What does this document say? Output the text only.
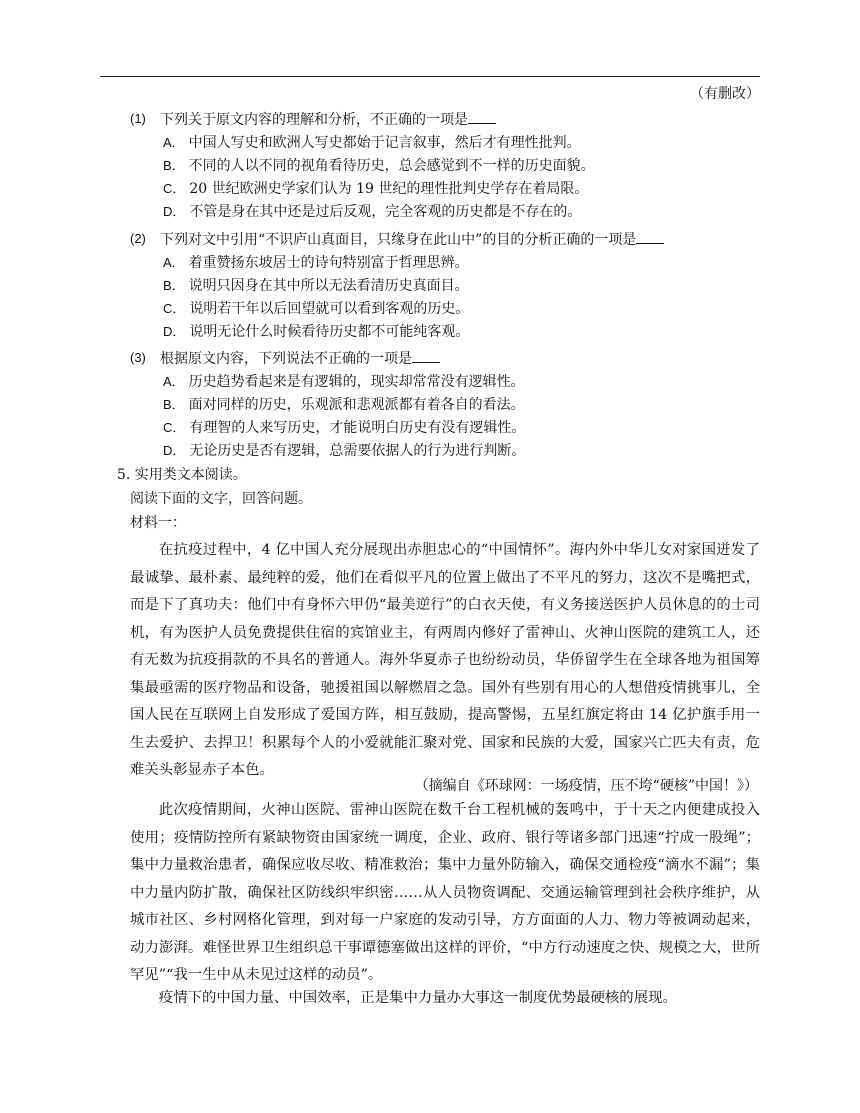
（有删改）
(1) 下列关于原文内容的理解和分析，不正确的一项是
A． 中国人写史和欧洲人写史都始于记言叙事，然后才有理性批判。
B． 不同的人以不同的视角看待历史，总会感觉到不一样的历史面貌。
C． 20 世纪欧洲史学家们认为 19 世纪的理性批判史学存在着局限。
D． 不管是身在其中还是过后反观，完全客观的历史都是不存在的。
(2) 下列对文中引用“不识庐山真面目，只缘身在此山中”的目的分析正确的一项是
A． 着重赞扬东坡居士的诗句特别富于哲理思辨。
B． 说明只因身在其中所以无法看清历史真面目。
C． 说明若干年以后回望就可以看到客观的历史。
D． 说明无论什么时候看待历史都不可能纯客观。
(3) 根据原文内容，下列说法不正确的一项是
A． 历史趋势看起来是有逻辑的，现实却常常没有逻辑性。
B． 面对同样的历史，乐观派和悲观派都有着各自的看法。
C． 有理智的人来写历史，才能说明白历史有没有逻辑性。
D． 无论历史是否有逻辑，总需要依据人的行为进行判断。
5. 实用类文本阅读。
阅读下面的文字，回答问题。
材料一：

在抗疫过程中，4 亿中国人充分展现出赤胆忠心的“中国情怀”。海内外中华儿女对家国迸发了最诚挚、最朴素、最纯粹的爱，他们在看似平凡的位置上做出了不平凡的努力，这次不是嘴把式，而是下了真功夫：他们中有身怀六甲仍“最美逆行”的白衣天使，有义务接送医护人员休息的的士司机，有为医护人员免费提供住宿的宾馆业主，有两周内修好了雷神山、火神山医院的建筑工人，还有无数为抗疫捐款的不具名的普通人。海外华夏赤子也纷纷动员，华侨留学生在全球各地为祖国筹集最亟需的医疗物品和设备，驰援祖国以解燃眉之急。国外有些别有用心的人想借疫情挑事儿，全国人民在互联网上自发形成了爱国方阵，相互鼓励，提高警惕，五星红旗定将由 14 亿护旗手用一生去爱护、去捍卫！积累每个人的小爱就能汇聚对党、国家和民族的大爱，国家兴亡匹夫有责，危难关头彰显赤子本色。

（摘编自《环球网：一场疫情，压不垮“硬核”中国！》）

此次疫情期间，火神山医院、雷神山医院在数千台工程机械的轰鸣中，于十天之内便建成投入使用；疫情防控所有紧缺物资由国家统一调度，企业、政府、银行等诸多部门迅速“拧成一股绳”；集中力量救治患者，确保应收尽收、精准救治；集中力量外防输入，确保交通检疫“滴水不漏”；集中力量内防扩散，确保社区防线织牢织密……从人员物资调配、交通运输管理到社会秩序维护，从城市社区、乡村网格化管理，到对每一户家庭的发动引导，方方面面的人力、物力等被调动起来，动力澎湃。难怪世界卫生组织总干事谭德塞做出这样的评价，“中方行动速度之快、规模之大，世所罕见”“我一生中从未见过这样的动员”。

疫情下的中国力量、中国效率，正是集中力量办大事这一制度优势最硬核的展现。
